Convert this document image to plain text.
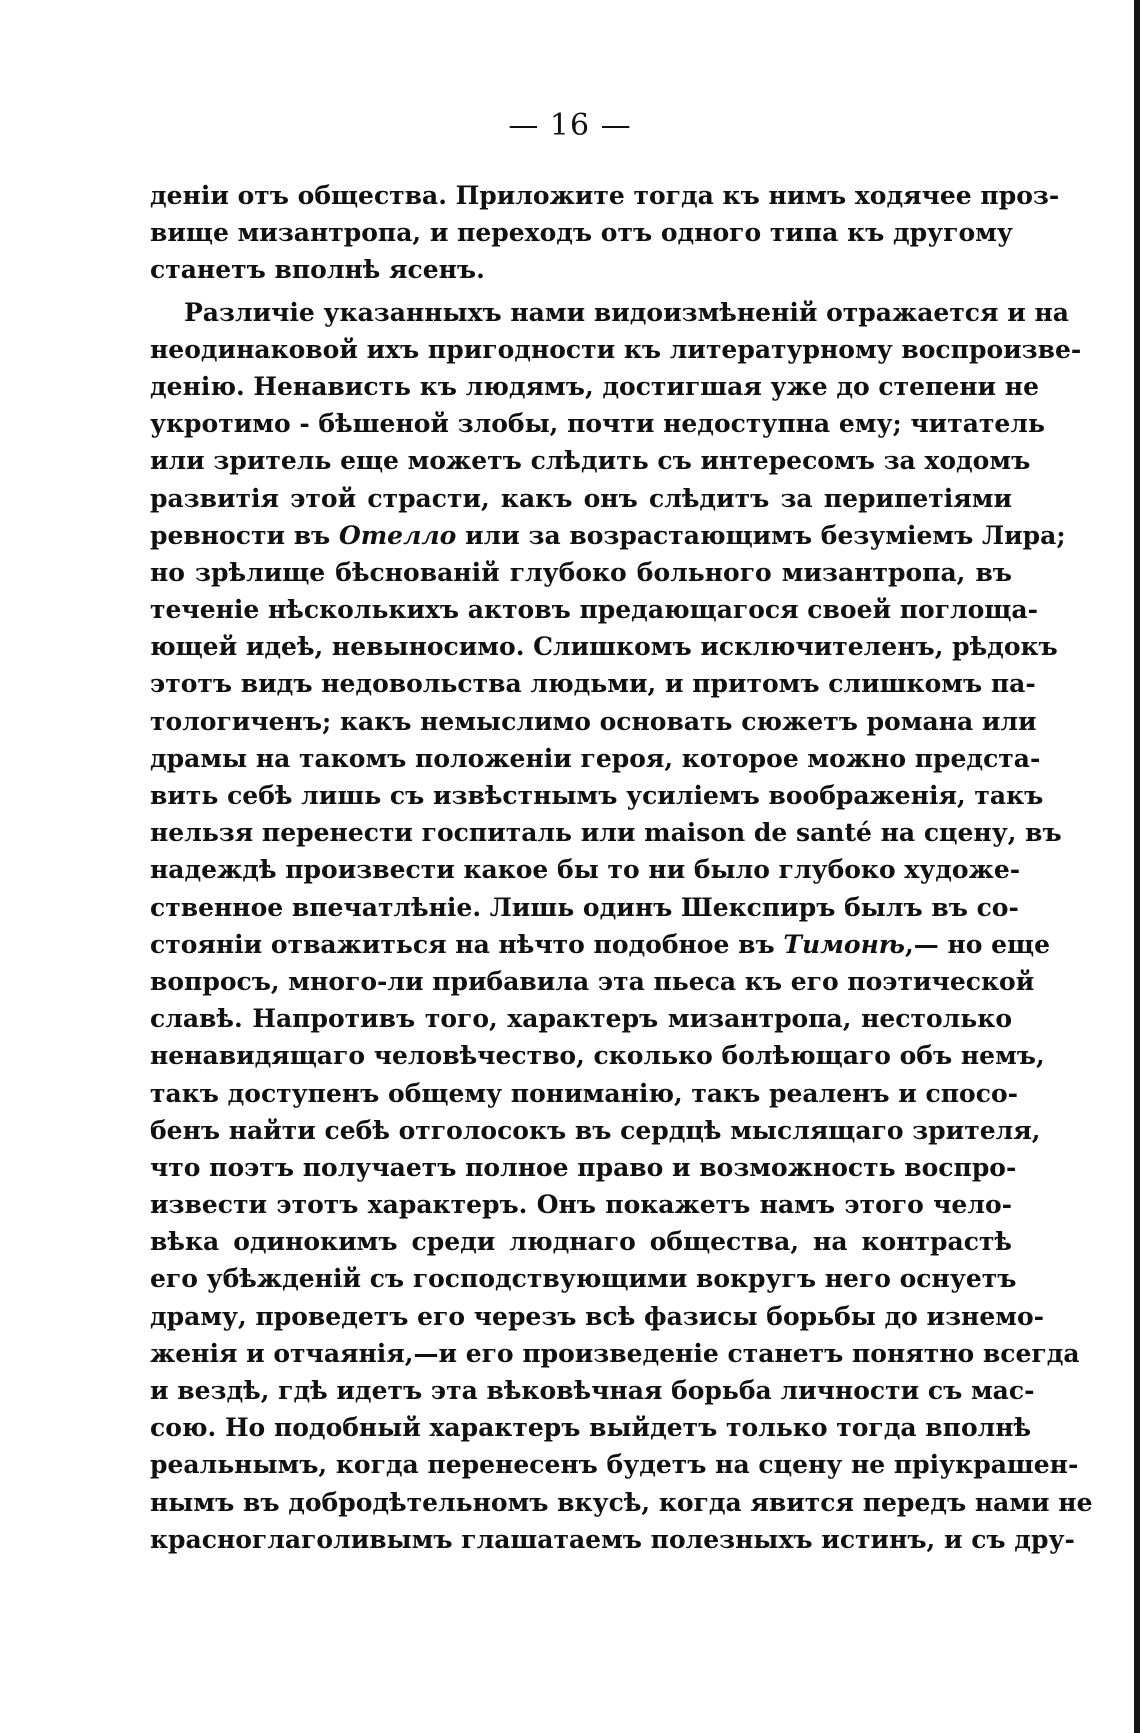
— 16 —
деніи отъ общества. Приложите тогда къ нимъ ходячее проз-
вище мизантропа, и переходъ отъ одного типа къ другому
станетъ вполнѣ ясенъ.
Различіе указанныхъ нами видоизмѣненій отражается и на
неодинаковой ихъ пригодности къ литературному воспроизве-
денію. Ненависть къ людямъ, достигшая уже до степени не
укротимо - бѣшеной злобы, почти недоступна ему; читатель
или зритель еще можетъ слѣдить съ интересомъ за ходомъ
развитія этой страсти, какъ онъ слѣдитъ за перипетіями
ревности въ Отелло или за возрастающимъ безуміемъ Лира;
но зрѣлище бѣснованій глубоко больного мизантропа, въ
теченіе нѣсколькихъ актовъ предающагося своей поглоща-
ющей идеѣ, невыносимо. Слишкомъ исключителенъ, рѣдокъ
этотъ видъ недовольства людьми, и притомъ слишкомъ па-
тологиченъ; какъ немыслимо основать сюжетъ романа или
драмы на такомъ положеніи героя, которое можно предста-
вить себѣ лишь съ извѣстнымъ усиліемъ воображенія, такъ
нельзя перенести госпиталь или maison de santé на сцену, въ
надеждѣ произвести какое бы то ни было глубоко художе-
ственное впечатлѣніе. Лишь одинъ Шекспиръ былъ въ со-
стояніи отважиться на нѣчто подобное въ Тимонѣ,— но еще
вопросъ, много-ли прибавила эта пьеса къ его поэтической
славѣ. Напротивъ того, характеръ мизантропа, нестолько
ненавидящаго человѣчество, сколько болѣющаго объ немъ,
такъ доступенъ общему пониманію, такъ реаленъ и спосо-
бенъ найти себѣ отголосокъ въ сердцѣ мыслящаго зрителя,
что поэтъ получаетъ полное право и возможность воспро-
извести этотъ характеръ. Онъ покажетъ намъ этого чело-
вѣка одинокимъ среди люднаго общества, на контрастѣ
его убѣжденій съ господствующими вокругъ него оснуетъ
драму, проведетъ его черезъ всѣ фазисы борьбы до изнемо-
женія и отчаянія,—и его произведеніе станетъ понятно всегда
и вездѣ, гдѣ идетъ эта вѣковѣчная борьба личности съ мас-
сою. Но подобный характеръ выйдетъ только тогда вполнѣ
реальнымъ, когда перенесенъ будетъ на сцену не пріукрашен-
нымъ въ добродѣтельномъ вкусѣ, когда явится передъ нами не
красноглаголивымъ глашатаемъ полезныхъ истинъ, и съ дру-
